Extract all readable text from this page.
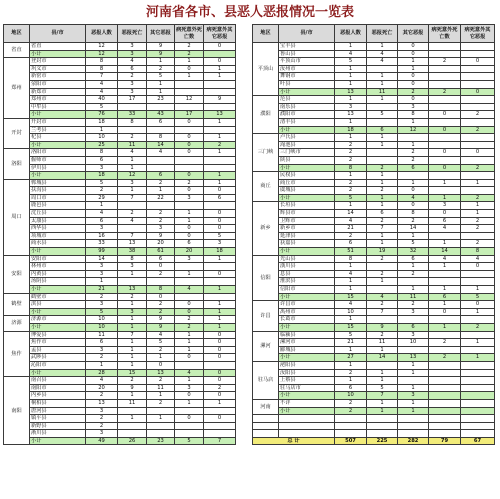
河南省各市、县恶人恶报情况一览表
地区	县/市	恶报人数	恶报死亡	其它恶报	病死意外死亡数	病死意外其它恶报
省直	省直	12	3	9	2	0
	小计	12	3	9	2	
郑州	登封市	8	4	1	1	0
	巩义市	8	6	2	0	1
	新密市	7	2	5	1	1
	荥阳市	4	3	1		
	新郑市	4	3	1		
	郑州市	40	17	23	12	9
	中牟县	5				
	小计	76	33	43	17	13
开封	开封市	18	8	6	0	1
	兰考县	1				
	杞县	10	2	8	0	1
	小计	25	11	14	0	2
洛阳	洛阳市	8	4	4	0	1
	偃师市	6	1			
	伊川县	3	1			
	小计	18	12	6	0	1
周口	郸城县	5	3	2	2	1
	扶沟县	2	1	1	0	0
	周口市	29	7	22	3	6
	鹿邑县	1				
	沈丘县	4	2	2	1	0
	太康县	6	4	2	1	0
	西华县	3		3	0	0
	项城市	16	7	9	0	5
	商水县	33	13	20	6	3
	小计	99	38	61	20	18
安阳	安阳市	14	8	6	3	1
	林州市	3	3	0		
	内黄县	3	1	2	1	0
	汤阴县	1				
	小计	21	13	8	4	1
鹤壁	鹤壁市	2	2	0		
	淇县	3	1	2	0	1
	小计	5	3	2	0	1
济源	济源市	10	1	9	2	1
	小计	10	1	9	2	1
焦作	博爱县	11	7	4	1	0
	焦作市	6	1	5	1	0
	孟县	3	1	2	1	0
	武陟县	2	1	1	0	0
	沁阳市	1	1	0		
	小计	28	15	13	4	0
南阳	南召县	4	2	2	1	0
	南阳市	20	9	11	3	2
	内乡县	2	1	1	0	0
	桐柏县	13	11	2	1	1
	唐河县	3				
	镇平县	2	1	1	0	0
	新野县	2				
	淅川县	3				
	小计	49	26	23	5	7
地区	县/市	恶报人数	恶报死亡	其它恶报	病死意外死亡数	病死意外其它恶报
平顶山	宝丰县	1	1	0		
	鲁山县	4	4	0		
	平顶山市	5	4	1	2	0
	汝州市	1		1		
	舞钢市	1	1	0		
	叶县	1	1	0		
	小计	13	11	2	2	0
濮阳	范县	1	1	0		
	南乐县	3		3		
	濮阳市	13	5	8	0	2
	清丰县	1		1		
	小计	18	6	12	0	2
三门峡	卢氏县	1	1			
	渑池县	2	1	1		
	三门峡市	2		2	0	0
	陕县	2		2		
	小计	8	2	6	0	2
商丘	民权县	1	1			
	商丘市	2	1	1	1	1
	虞城县	2	2	0		
	小计	5	1	4	1	2
新乡	长垣县	1	1	0	3	1
	辉县市	14	6	8	0	1
	卫辉市	4	2	2	6	2
	新乡市	21	7	14	4	2
	延津县	2	1	1		
	获嘉县	6	1	5	1	2
	小计	51	19	32	14	8
信阳	光山县	8	2	6	4	4
	潢川县	1		1	1	0
	息县	4	2	2		
	淮滨县	1	1			
	信阳市	1		1	1	1
	小计	15	4	11	6	5
许昌	许昌市	4	2	2	1	0
	禹州市	10	7	3	0	1
	长葛市	1				
	小计	15	9	6	1	2
漯河	临颍县	5	2	3		
	漯河市	21	11	10	2	1
	郾城县	1	1			
	小计	27	14	13	2	1
驻马店	泌阳县	1		1		
	汝阳县	2	1	1		
	上蔡县	1	1			
	驻马店市	6	5	1		
	小计	10	7	3		
河南	不详	2	1	1		
	小计	2	1	1		

总 计		507	225	282	79	67
